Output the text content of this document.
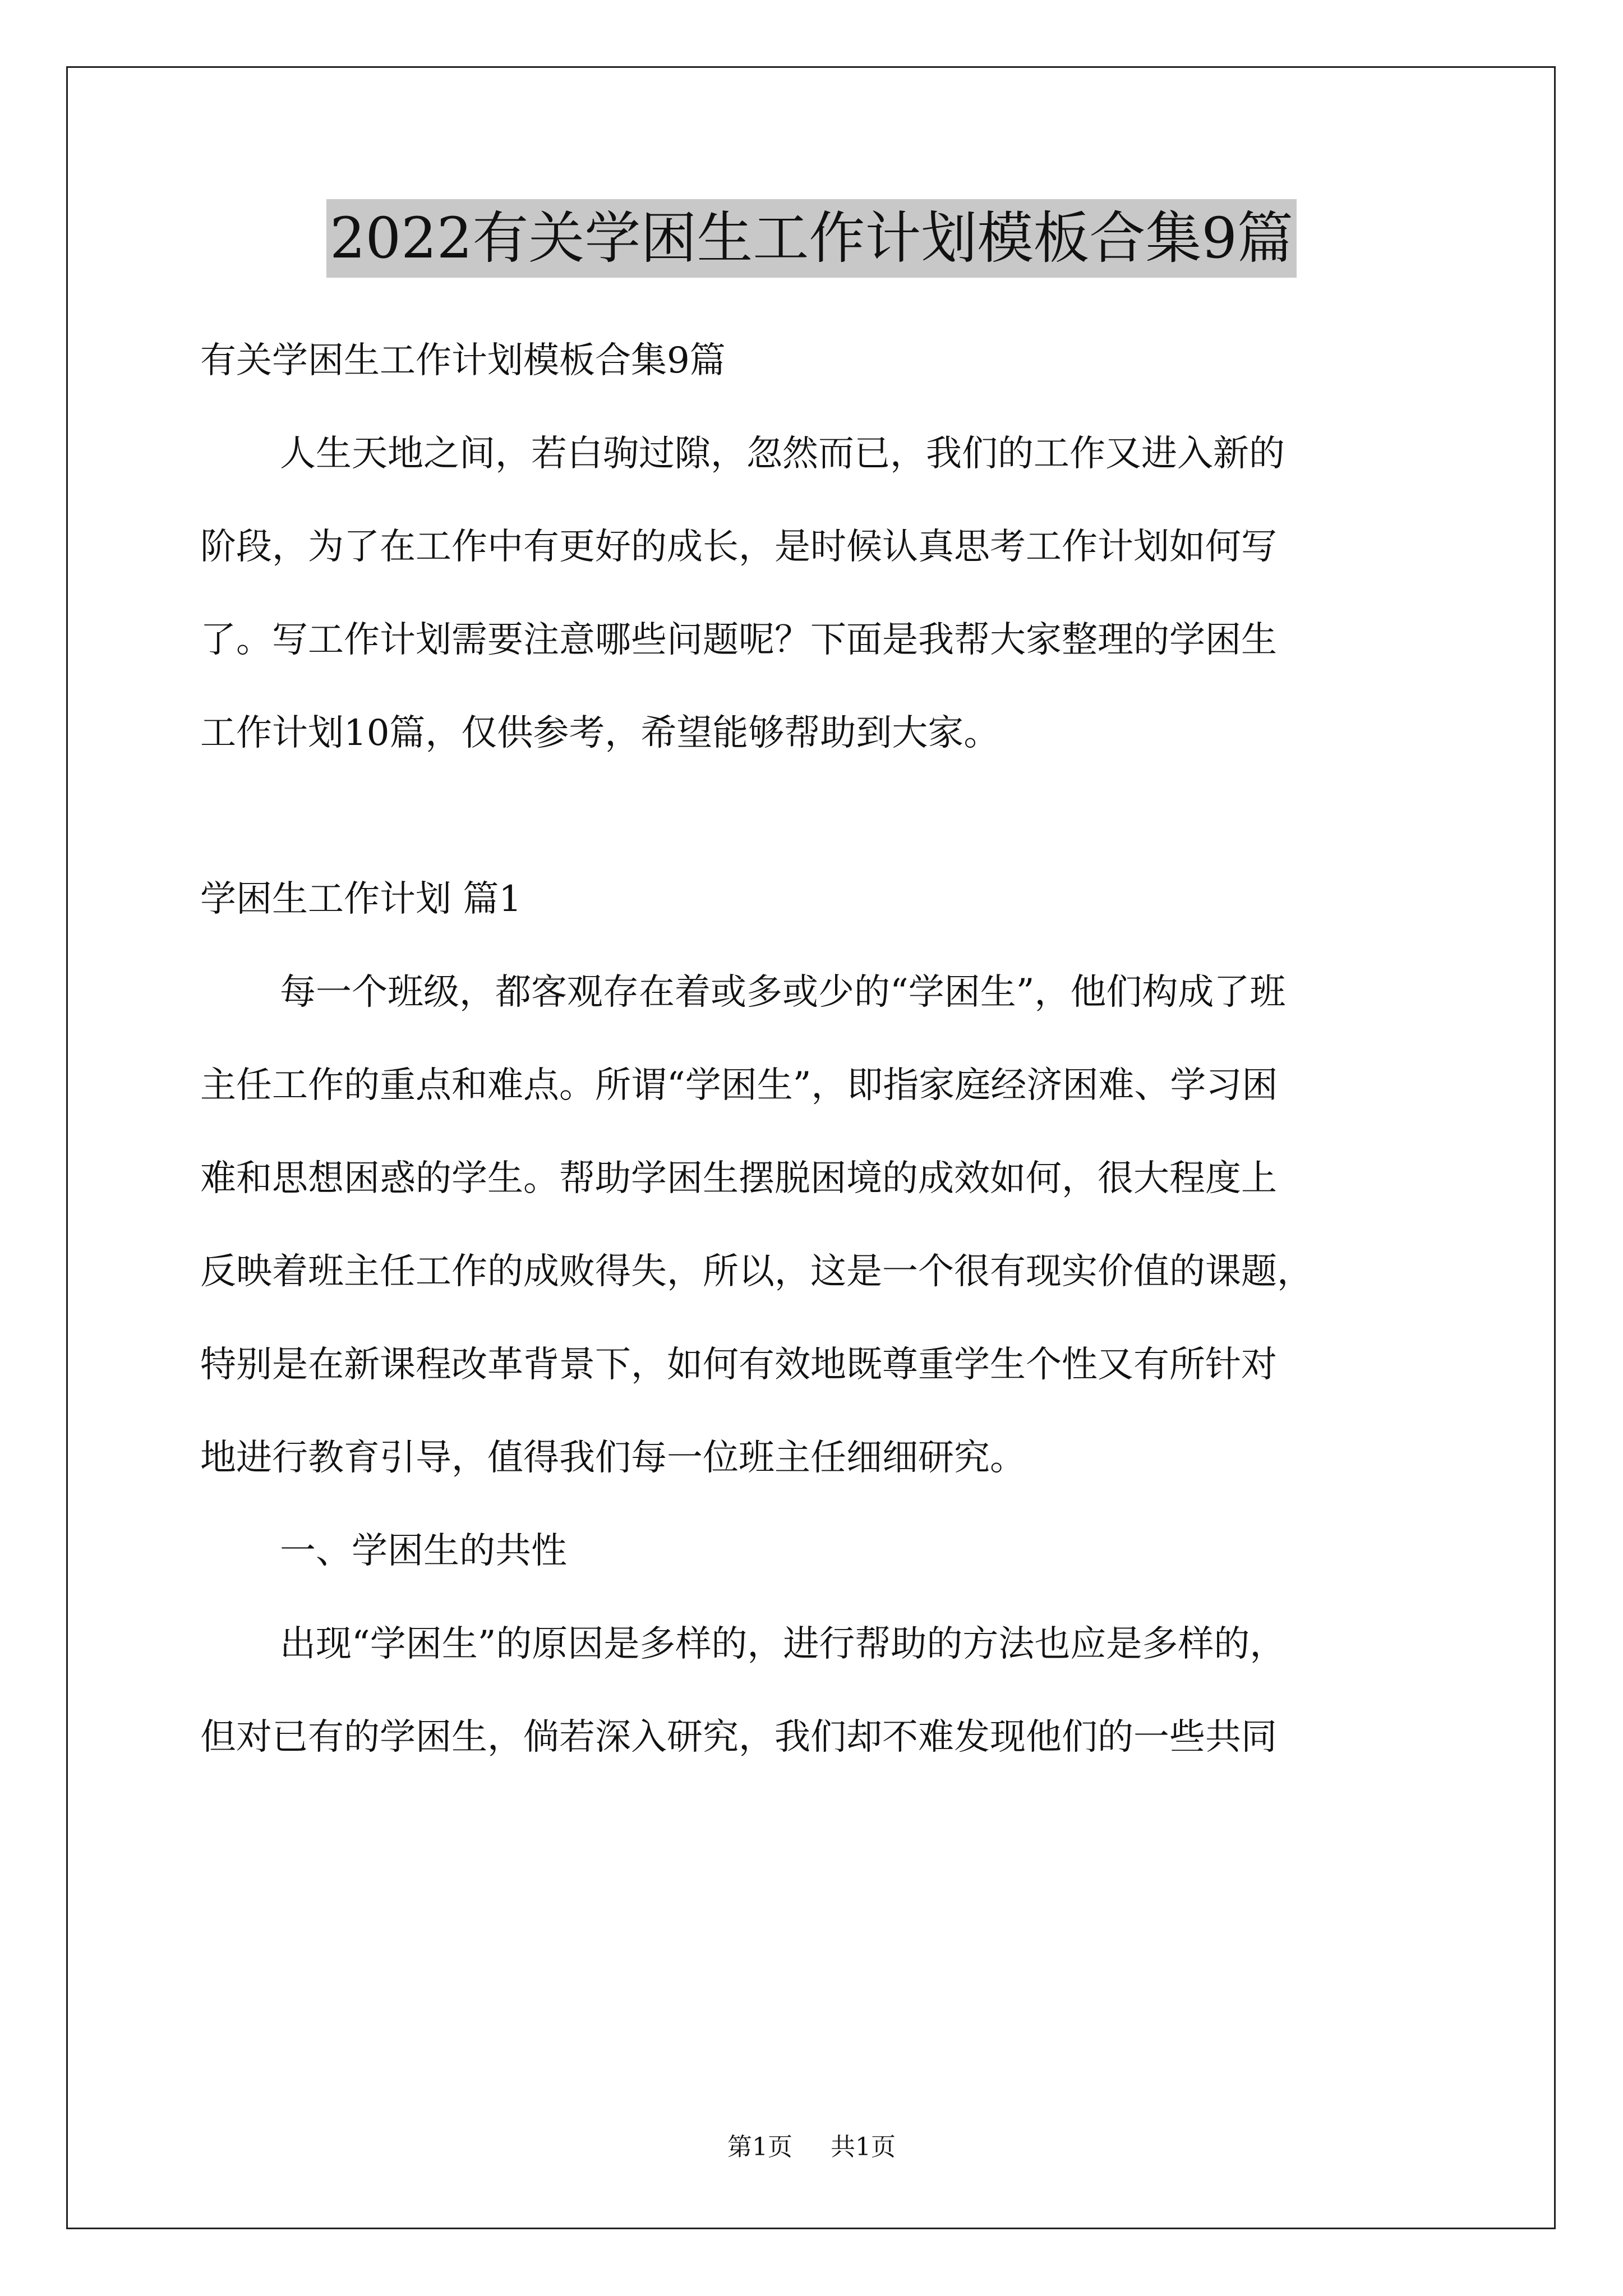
2022有关学困生工作计划模板合集9篇
有关学困生工作计划模板合集9篇
人生天地之间，若白驹过隙，忽然而已，我们的工作又进入新的
阶段，为了在工作中有更好的成长，是时候认真思考工作计划如何写
了。写工作计划需要注意哪些问题呢？下面是我帮大家整理的学困生
工作计划10篇，仅供参考，希望能够帮助到大家。
学困生工作计划 篇1
每一个班级，都客观存在着或多或少的“学困生”，他们构成了班
主任工作的重点和难点。所谓“学困生”，即指家庭经济困难、学习困
难和思想困惑的学生。帮助学困生摆脱困境的成效如何，很大程度上
反映着班主任工作的成败得失，所以，这是一个很有现实价值的课题，
特别是在新课程改革背景下，如何有效地既尊重学生个性又有所针对
地进行教育引导，值得我们每一位班主任细细研究。
一、学困生的共性
出现“学困生”的原因是多样的，进行帮助的方法也应是多样的，
但对已有的学困生，倘若深入研究，我们却不难发现他们的一些共同
第1页 共1页
